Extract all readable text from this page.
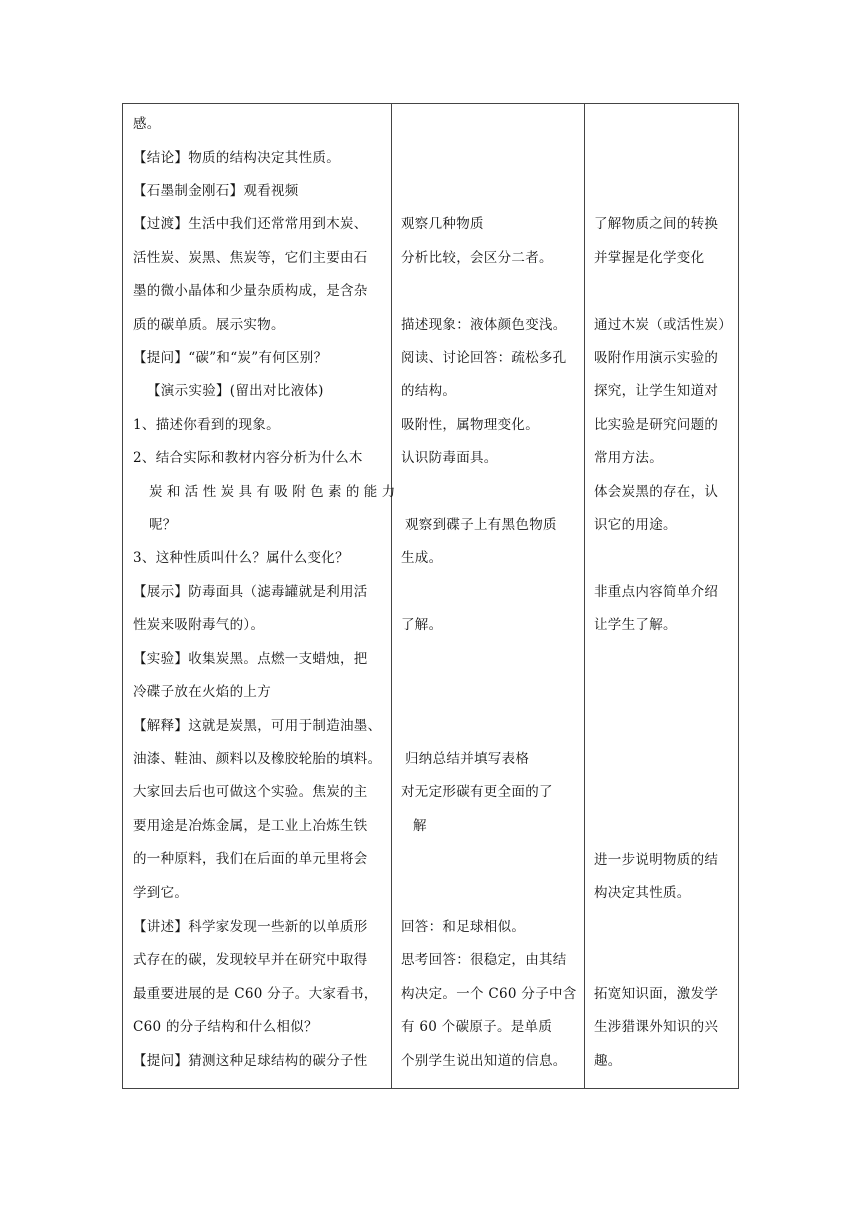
感。
【结论】物质的结构决定其性质。
【石墨制金刚石】观看视频
【过渡】生活中我们还常常用到木炭、
活性炭、炭黑、焦炭等，它们主要由石
墨的微小晶体和少量杂质构成，是含杂
质的碳单质。展示实物。
【提问】“碳”和“炭”有何区别？
【演示实验】(留出对比液体)
1、描述你看到的现象。
2、结合实际和教材内容分析为什么木
炭和活性炭具有吸附色素的能力
呢？
3、这种性质叫什么？属什么变化？
【展示】防毒面具（滤毒罐就是利用活
性炭来吸附毒气的）。
【实验】收集炭黑。点燃一支蜡烛，把
冷碟子放在火焰的上方
【解释】这就是炭黑，可用于制造油墨、
油漆、鞋油、颜料以及橡胶轮胎的填料。
大家回去后也可做这个实验。焦炭的主
要用途是冶炼金属，是工业上冶炼生铁
的一种原料，我们在后面的单元里将会
学到它。
【讲述】科学家发现一些新的以单质形
式存在的碳，发现较早并在研究中取得
最重要进展的是 C60 分子。大家看书，
C60 的分子结构和什么相似？
【提问】猜测这种足球结构的碳分子性
观察几种物质
分析比较，会区分二者。
描述现象：液体颜色变浅。
阅读、讨论回答：疏松多孔
的结构。
吸附性，属物理变化。
认识防毒面具。
观察到碟子上有黑色物质
生成。
了解。
归纳总结并填写表格
对无定形碳有更全面的了
解
回答：和足球相似。
思考回答：很稳定，由其结
构决定。一个 C60 分子中含
有 60 个碳原子。是单质
个别学生说出知道的信息。
了解物质之间的转换
并掌握是化学变化
通过木炭（或活性炭）
吸附作用演示实验的
探究，让学生知道对
比实验是研究问题的
常用方法。
体会炭黑的存在，认
识它的用途。
非重点内容简单介绍
让学生了解。
进一步说明物质的结
构决定其性质。
拓宽知识面，激发学
生涉猎课外知识的兴
趣。
